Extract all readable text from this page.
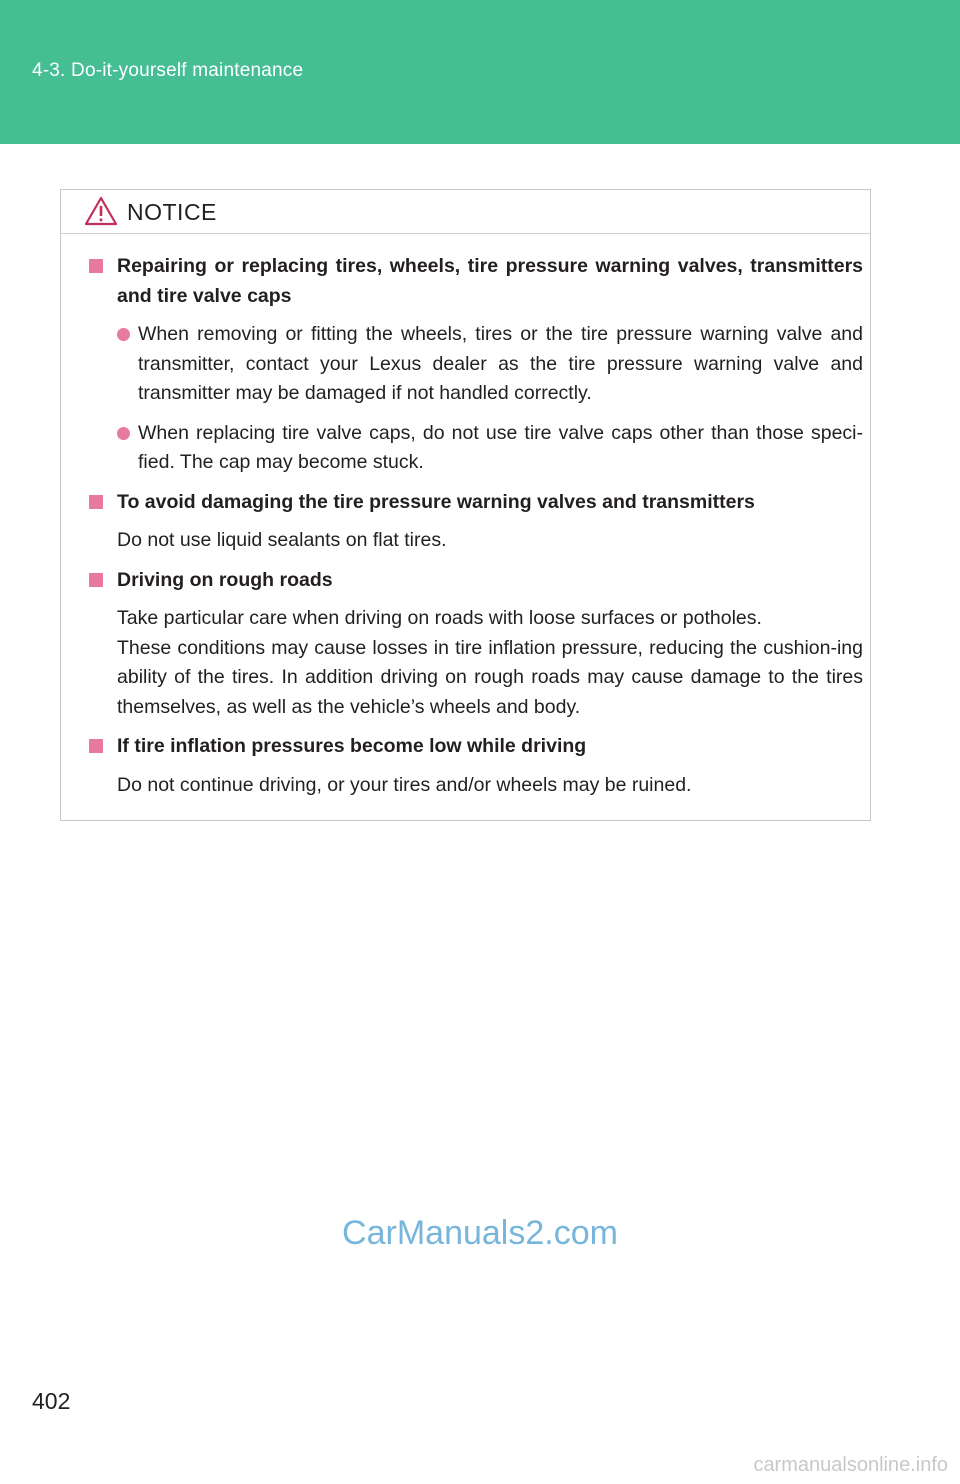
4-3. Do-it-yourself maintenance
NOTICE
Repairing or replacing tires, wheels, tire pressure warning valves, transmitters and tire valve caps
When removing or fitting the wheels, tires or the tire pressure warning valve and transmitter, contact your Lexus dealer as the tire pressure warning valve and transmitter may be damaged if not handled correctly.
When replacing tire valve caps, do not use tire valve caps other than those speci-fied. The cap may become stuck.
To avoid damaging the tire pressure warning valves and transmitters
Do not use liquid sealants on flat tires.
Driving on rough roads
Take particular care when driving on roads with loose surfaces or potholes.
These conditions may cause losses in tire inflation pressure, reducing the cushion-ing ability of the tires. In addition driving on rough roads may cause damage to the tires themselves, as well as the vehicle’s wheels and body.
If tire inflation pressures become low while driving
Do not continue driving, or your tires and/or wheels may be ruined.
CarManuals2.com
402
carmanualsonline.info
